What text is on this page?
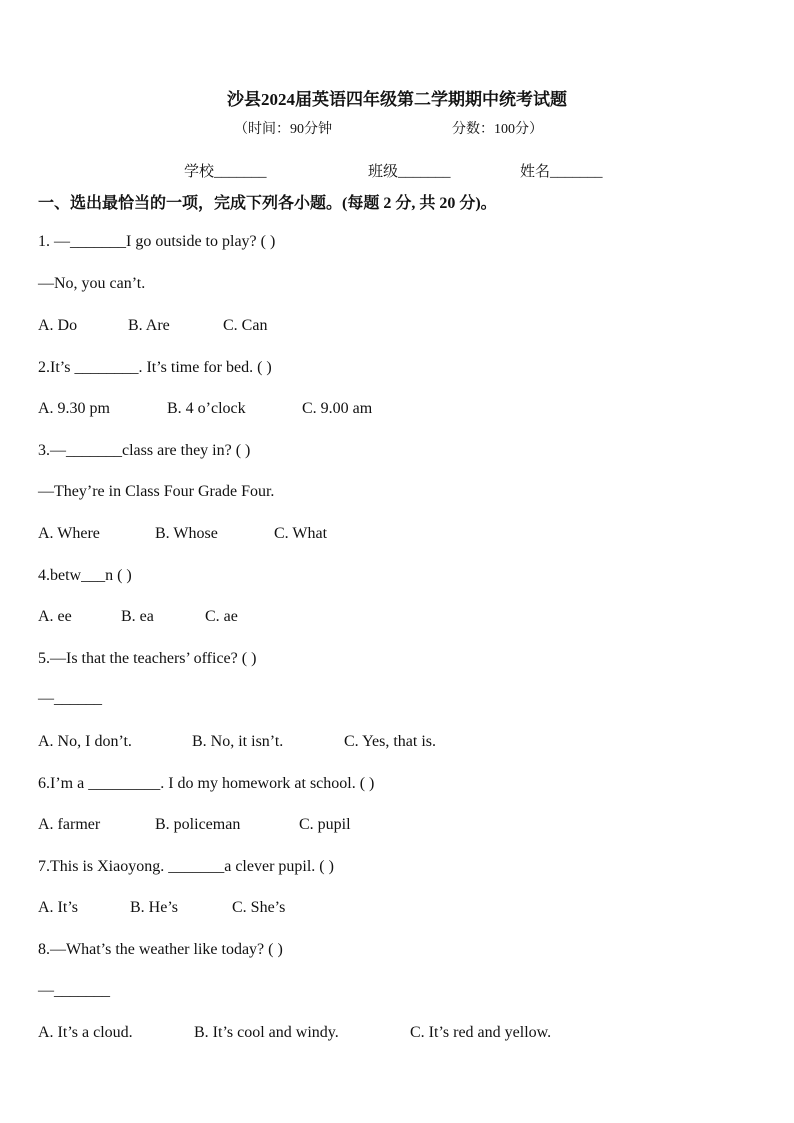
沙县2024届英语四年级第二学期期中统考试题
（时间：90分钟	分数：100分）
学校_______	班级_______	姓名_______
一、选出最恰当的一项，完成下列各小题。(每题 2 分, 共 20 分)。
1. —_______I go outside to play? ( )
—No, you can’t.
A. Do	B. Are	C. Can
2.It’s ________. It’s time for bed. ( )
A. 9.30 pm	B. 4 o’clock	C. 9.00 am
3.—_______class are they in? ( )
—They’re in Class Four Grade Four.
A. Where	B. Whose	C. What
4.betw___n ( )
A. ee	B. ea	C. ae
5.—Is that the teachers’ office? ( )
—______
A. No, I don’t.	B. No, it isn’t.	C. Yes, that is.
6.I’m a _________. I do my homework at school. ( )
A. farmer	B. policeman	C. pupil
7.This is Xiaoyong. _______a clever pupil. ( )
A. It’s	B. He’s	C. She’s
8.—What’s the weather like today? ( )
—_______
A. It’s a cloud.	B. It’s cool and windy.	C. It’s red and yellow.
